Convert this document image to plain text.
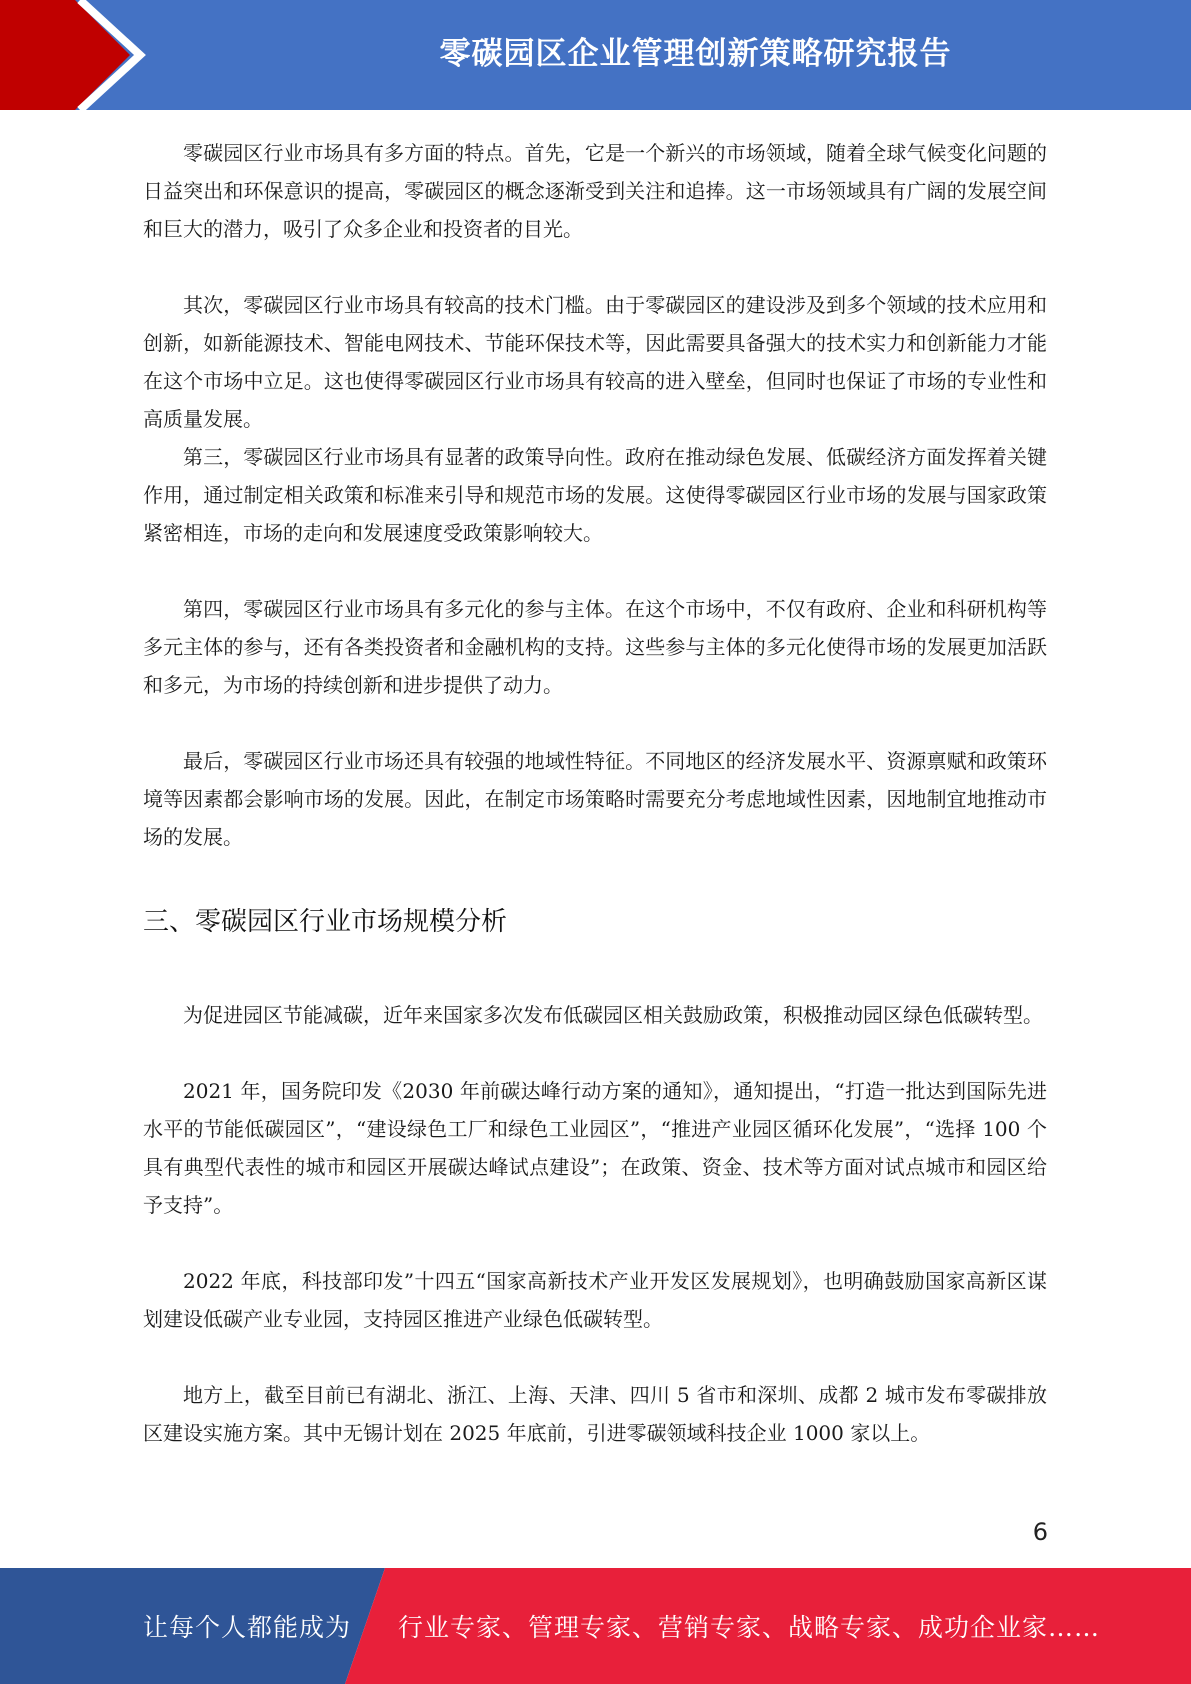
零碳园区企业管理创新策略研究报告

零碳园区行业市场具有多方面的特点。首先，它是一个新兴的市场领域，随着全球气候变化问题的日益突出和环保意识的提高，零碳园区的概念逐渐受到关注和追捧。这一市场领域具有广阔的发展空间和巨大的潜力，吸引了众多企业和投资者的目光。

其次，零碳园区行业市场具有较高的技术门槛。由于零碳园区的建设涉及到多个领域的技术应用和创新，如新能源技术、智能电网技术、节能环保技术等，因此需要具备强大的技术实力和创新能力才能在这个市场中立足。这也使得零碳园区行业市场具有较高的进入壁垒，但同时也保证了市场的专业性和高质量发展。

第三，零碳园区行业市场具有显著的政策导向性。政府在推动绿色发展、低碳经济方面发挥着关键作用，通过制定相关政策和标准来引导和规范市场的发展。这使得零碳园区行业市场的发展与国家政策紧密相连，市场的走向和发展速度受政策影响较大。

第四，零碳园区行业市场具有多元化的参与主体。在这个市场中，不仅有政府、企业和科研机构等多元主体的参与，还有各类投资者和金融机构的支持。这些参与主体的多元化使得市场的发展更加活跃和多元，为市场的持续创新和进步提供了动力。

最后，零碳园区行业市场还具有较强的地域性特征。不同地区的经济发展水平、资源禀赋和政策环境等因素都会影响市场的发展。因此，在制定市场策略时需要充分考虑地域性因素，因地制宜地推动市场的发展。

三、零碳园区行业市场规模分析

为促进园区节能减碳，近年来国家多次发布低碳园区相关鼓励政策，积极推动园区绿色低碳转型。

2021 年，国务院印发《2030 年前碳达峰行动方案的通知》，通知提出，“打造一批达到国际先进水平的节能低碳园区”，“建设绿色工厂和绿色工业园区”，“推进产业园区循环化发展”，“选择 100 个具有典型代表性的城市和园区开展碳达峰试点建设”；在政策、资金、技术等方面对试点城市和园区给予支持”。

2022 年底，科技部印发”十四五“国家高新技术产业开发区发展规划》，也明确鼓励国家高新区谋划建设低碳产业专业园，支持园区推进产业绿色低碳转型。

地方上，截至目前已有湖北、浙江、上海、天津、四川 5 省市和深圳、成都 2 城市发布零碳排放区建设实施方案。其中无锡计划在 2025 年底前，引进零碳领域科技企业 1000 家以上。

6
让每个人都能成为 行业专家、管理专家、营销专家、战略专家、成功企业家……
